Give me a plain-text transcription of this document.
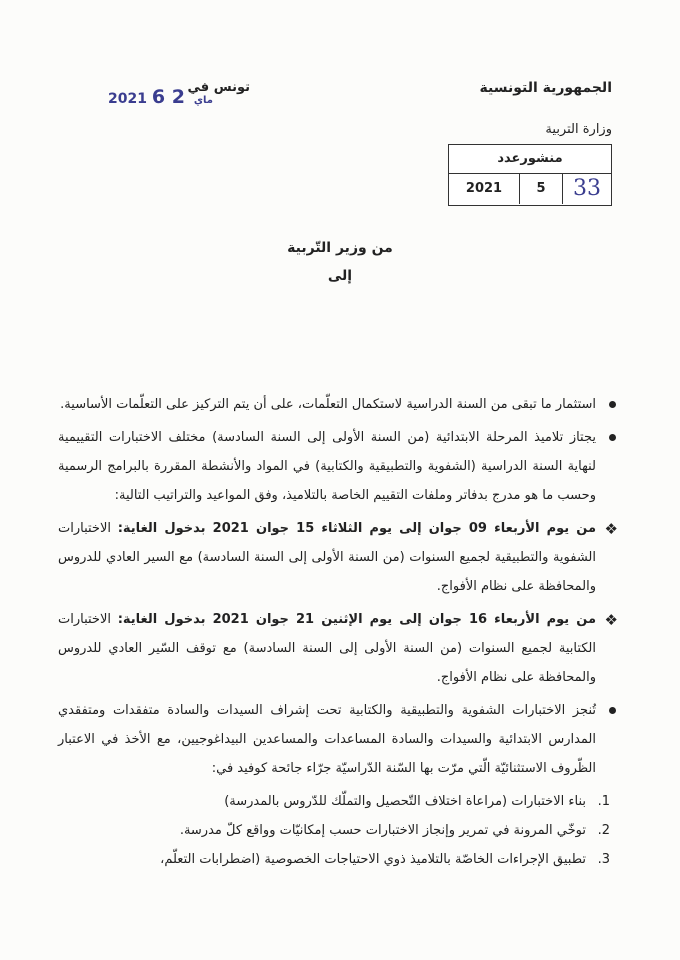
الجمهورية التونسية
وزارة التربية
تونس في
2021	ماي 2 6
منشورعدد
33
5
2021
من وزير التّربية
إلى
استثمار ما تبقى من السنة الدراسية لاستكمال التعلّمات، على أن يتم التركيز على التعلّمات الأساسية.
يجتاز تلاميذ المرحلة الابتدائية (من السنة الأولى إلى السنة السادسة) مختلف الاختبارات التقييمية لنهاية السنة الدراسية (الشفوية والتطبيقية والكتابية) في المواد والأنشطة المقررة بالبرامج الرسمية وحسب ما هو مدرج بدفاتر وملفات التقييم الخاصة بالتلاميذ، وفق المواعيد والتراتيب التالية:
❖
من يوم الأربعاء 09 جوان إلى يوم الثلاثاء 15 جوان 2021 بدخول الغاية: الاختبارات الشفوية والتطبيقية لجميع السنوات (من السنة الأولى إلى السنة السادسة) مع السير العادي للدروس والمحافظة على نظام الأفواج.
❖
من يوم الأربعاء 16 جوان إلى يوم الإثنين 21 جوان 2021 بدخول الغاية: الاختبارات الكتابية لجميع السنوات (من السنة الأولى إلى السنة السادسة) مع توقف السّير العادي للدروس والمحافظة على نظام الأفواج.
تُنجز الاختبارات الشفوية والتطبيقية والكتابية تحت إشراف السيدات والسادة متفقدات ومتفقدي المدارس الابتدائية والسيدات والسادة المساعدات والمساعدين البيداغوجيين، مع الأخذ في الاعتبار الظّروف الاستثنائيّة الّتي مرّت بها السّنة الدّراسيّة جرّاء جائحة كوفيد في:
1.
بناء الاختبارات (مراعاة اختلاف التّحصيل والتملّك للدّروس بالمدرسة)
2.
توخّي المرونة في تمرير وإنجاز الاختبارات حسب إمكانيّات وواقع كلّ مدرسة.
3.
تطبيق الإجراءات الخاصّة بالتلاميذ ذوي الاحتياجات الخصوصية (اضطرابات التعلّم،
